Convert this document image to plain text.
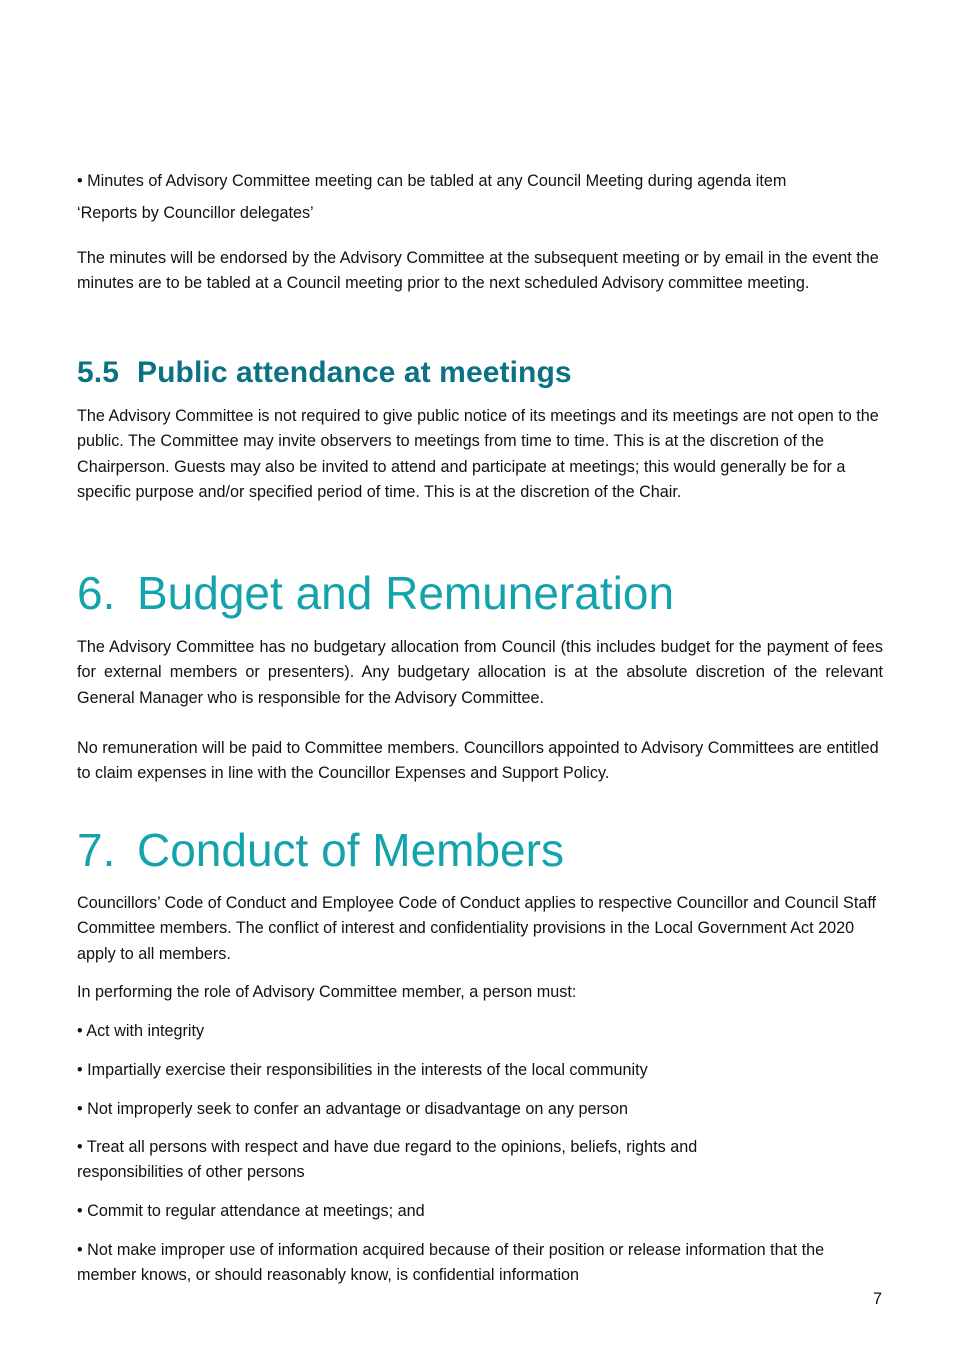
• Minutes of Advisory Committee meeting can be tabled at any Council Meeting during agenda item

‘Reports by Councillor delegates’

The minutes will be endorsed by the Advisory Committee at the subsequent meeting or by email in the event the minutes are to be tabled at a Council meeting prior to the next scheduled Advisory committee meeting.

5.5 Public attendance at meetings

The Advisory Committee is not required to give public notice of its meetings and its meetings are not open to the public. The Committee may invite observers to meetings from time to time. This is at the discretion of the Chairperson. Guests may also be invited to attend and participate at meetings; this would generally be for a specific purpose and/or specified period of time. This is at the discretion of the Chair.

6. Budget and Remuneration

The Advisory Committee has no budgetary allocation from Council (this includes budget for the payment of fees for external members or presenters). Any budgetary allocation is at the absolute discretion of the relevant General Manager who is responsible for the Advisory Committee.

No remuneration will be paid to Committee members. Councillors appointed to Advisory Committees are entitled to claim expenses in line with the Councillor Expenses and Support Policy.

7. Conduct of Members

Councillors’ Code of Conduct and Employee Code of Conduct applies to respective Councillor and Council Staff Committee members. The conflict of interest and confidentiality provisions in the Local Government Act 2020 apply to all members.

In performing the role of Advisory Committee member, a person must:

• Act with integrity

• Impartially exercise their responsibilities in the interests of the local community

• Not improperly seek to confer an advantage or disadvantage on any person

• Treat all persons with respect and have due regard to the opinions, beliefs, rights and responsibilities of other persons

• Commit to regular attendance at meetings; and

• Not make improper use of information acquired because of their position or release information that the member knows, or should reasonably know, is confidential information

7
